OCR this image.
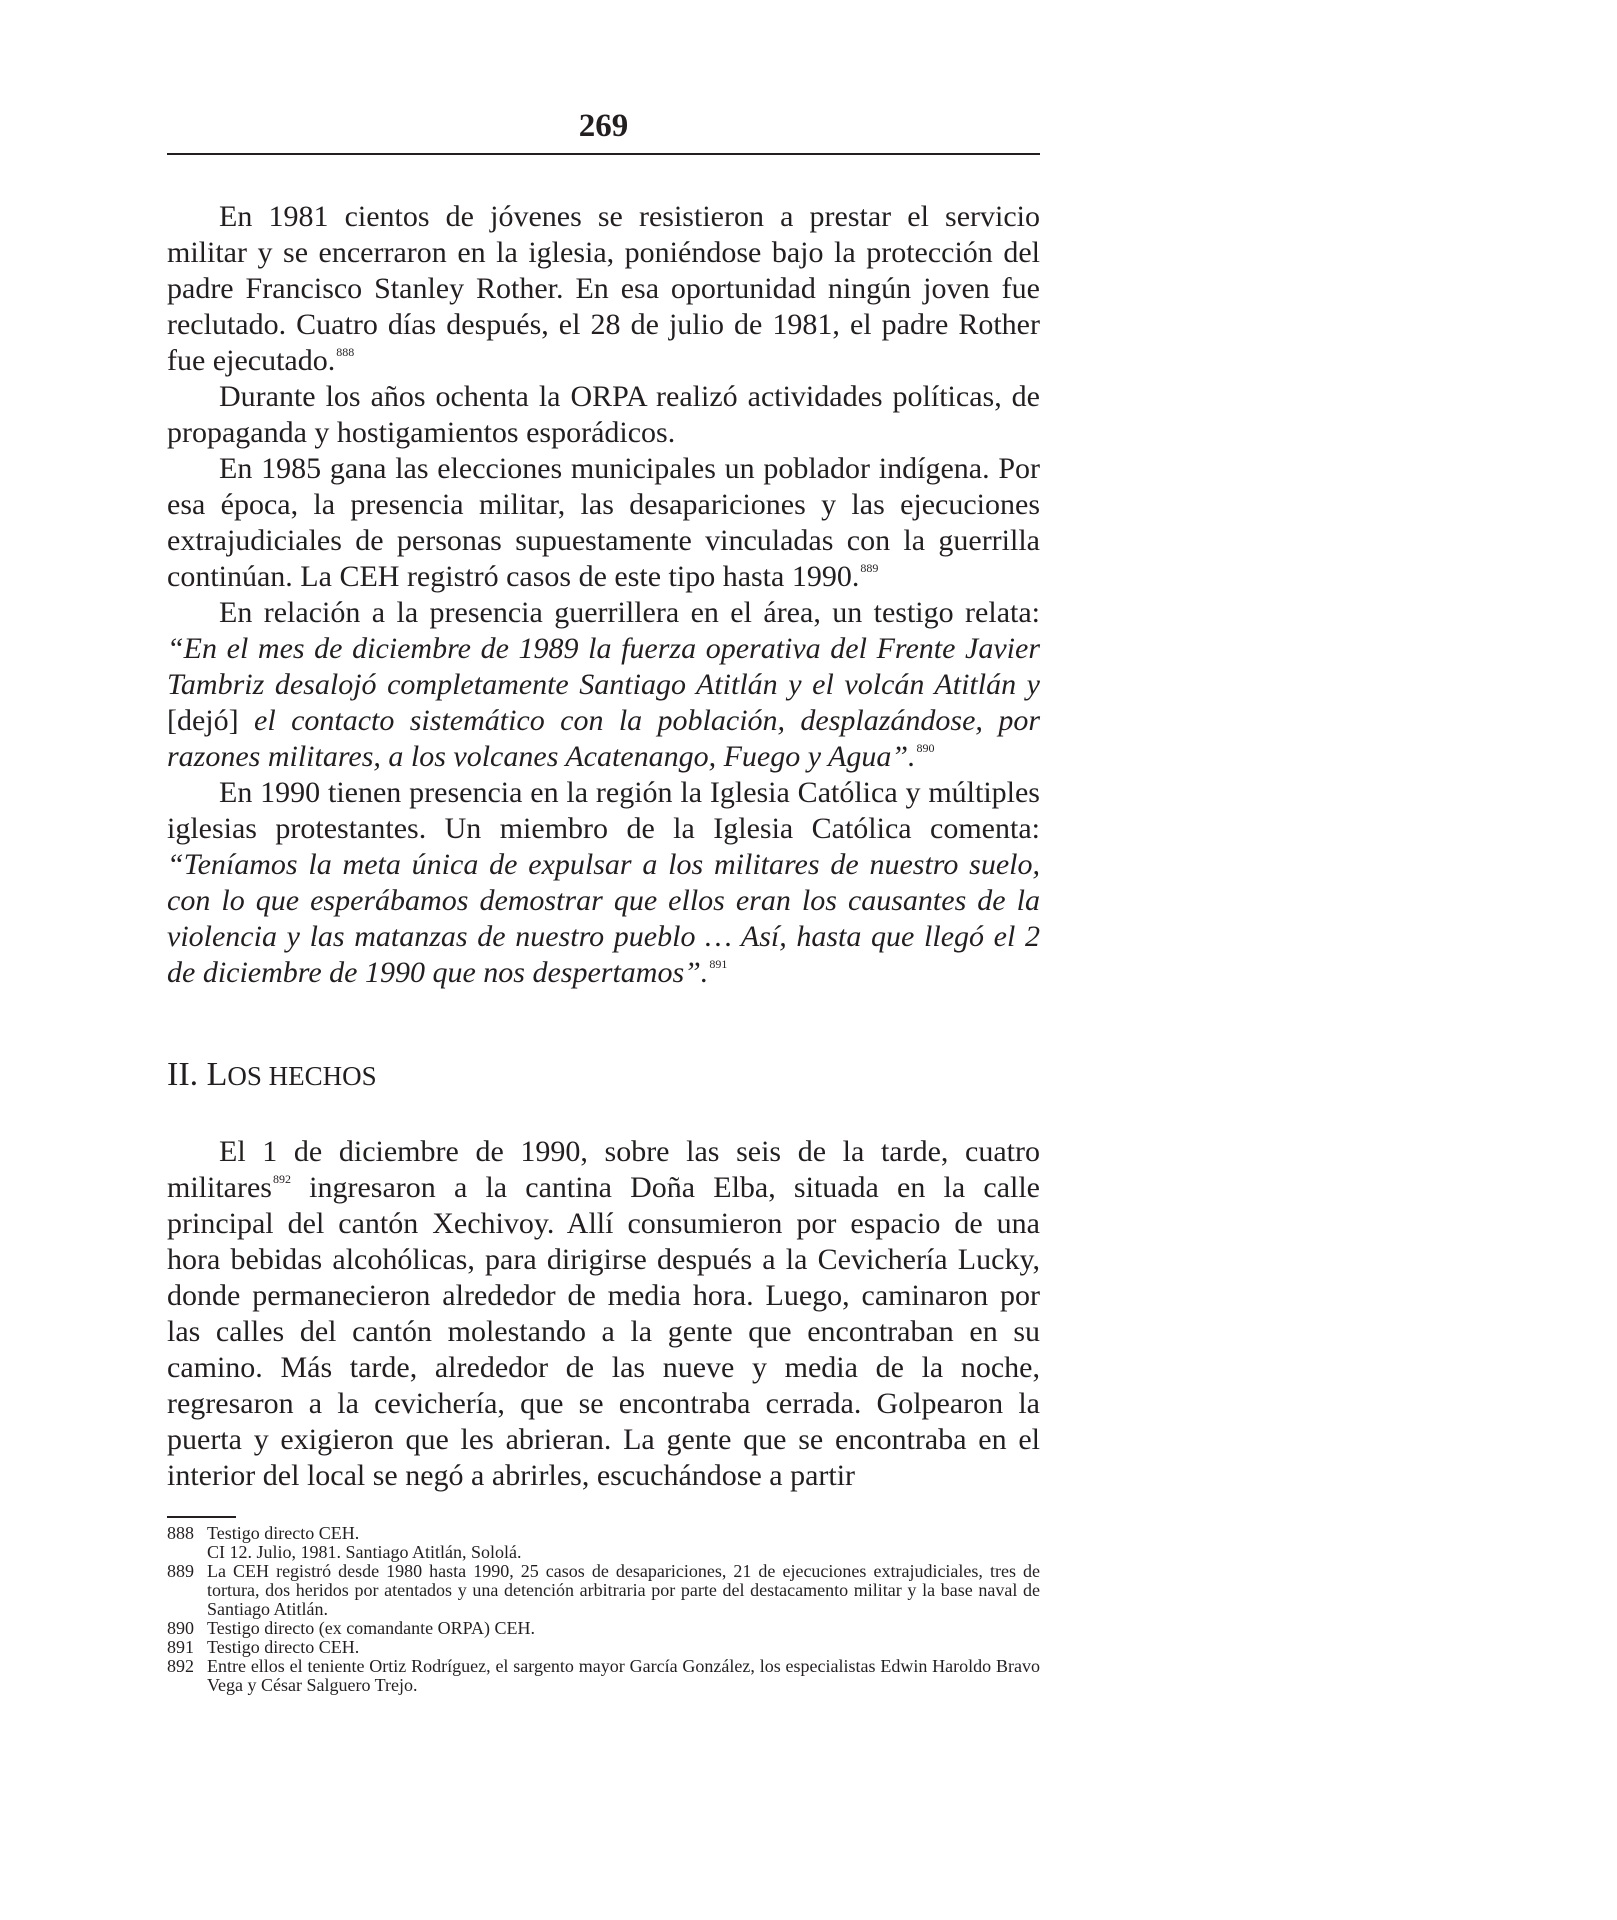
269

En 1981 cientos de jóvenes se resistieron a prestar el servicio militar y se encerraron en la iglesia, poniéndose bajo la protección del padre Francisco Stanley Rother. En esa oportunidad ningún joven fue reclutado. Cuatro días después, el 28 de julio de 1981, el padre Rother fue ejecutado.$^{888}$

Durante los años ochenta la ORPA realizó actividades políticas, de propaganda y hostigamientos esporádicos.

En 1985 gana las elecciones municipales un poblador indígena. Por esa época, la presencia militar, las desapariciones y las ejecuciones extrajudiciales de personas supuestamente vinculadas con la guerrilla continúan. La CEH registró casos de este tipo hasta 1990.$^{889}$

En relación a la presencia guerrillera en el área, un testigo relata: “En el mes de diciembre de 1989 la fuerza operativa del Frente Javier Tambriz desalojó completamente Santiago Atitlán y el volcán Atitlán y [dejó] el contacto sistemático con la población, desplazándose, por razones militares, a los volcanes Acatenango, Fuego y Agua”.$^{890}$

En 1990 tienen presencia en la región la Iglesia Católica y múltiples iglesias protestantes. Un miembro de la Iglesia Católica comenta: “Teníamos la meta única de expulsar a los militares de nuestro suelo, con lo que esperábamos demostrar que ellos eran los causantes de la violencia y las matanzas de nuestro pueblo … Así, hasta que llegó el 2 de diciembre de 1990 que nos despertamos”.$^{891}$

II. LOS HECHOS

El 1 de diciembre de 1990, sobre las seis de la tarde, cuatro militares$^{892}$ ingresaron a la cantina Doña Elba, situada en la calle principal del cantón Xechivoy. Allí consumieron por espacio de una hora bebidas alcohólicas, para dirigirse después a la Cevichería Lucky, donde permanecieron alrededor de media hora. Luego, caminaron por las calles del cantón molestando a la gente que encontraban en su camino. Más tarde, alrededor de las nueve y media de la noche, regresaron a la cevichería, que se encontraba cerrada. Golpearon la puerta y exigieron que les abrieran. La gente que se encontraba en el interior del local se negó a abrirles, escuchándose a partir

888 Testigo directo CEH.
CI 12. Julio, 1981. Santiago Atitlán, Sololá.
889 La CEH registró desde 1980 hasta 1990, 25 casos de desapariciones, 21 de ejecuciones extrajudiciales, tres de tortura, dos heridos por atentados y una detención arbitraria por parte del destacamento militar y la base naval de Santiago Atitlán.
890 Testigo directo (ex comandante ORPA) CEH.
891 Testigo directo CEH.
892 Entre ellos el teniente Ortiz Rodríguez, el sargento mayor García González, los especialistas Edwin Haroldo Bravo Vega y César Salguero Trejo.
